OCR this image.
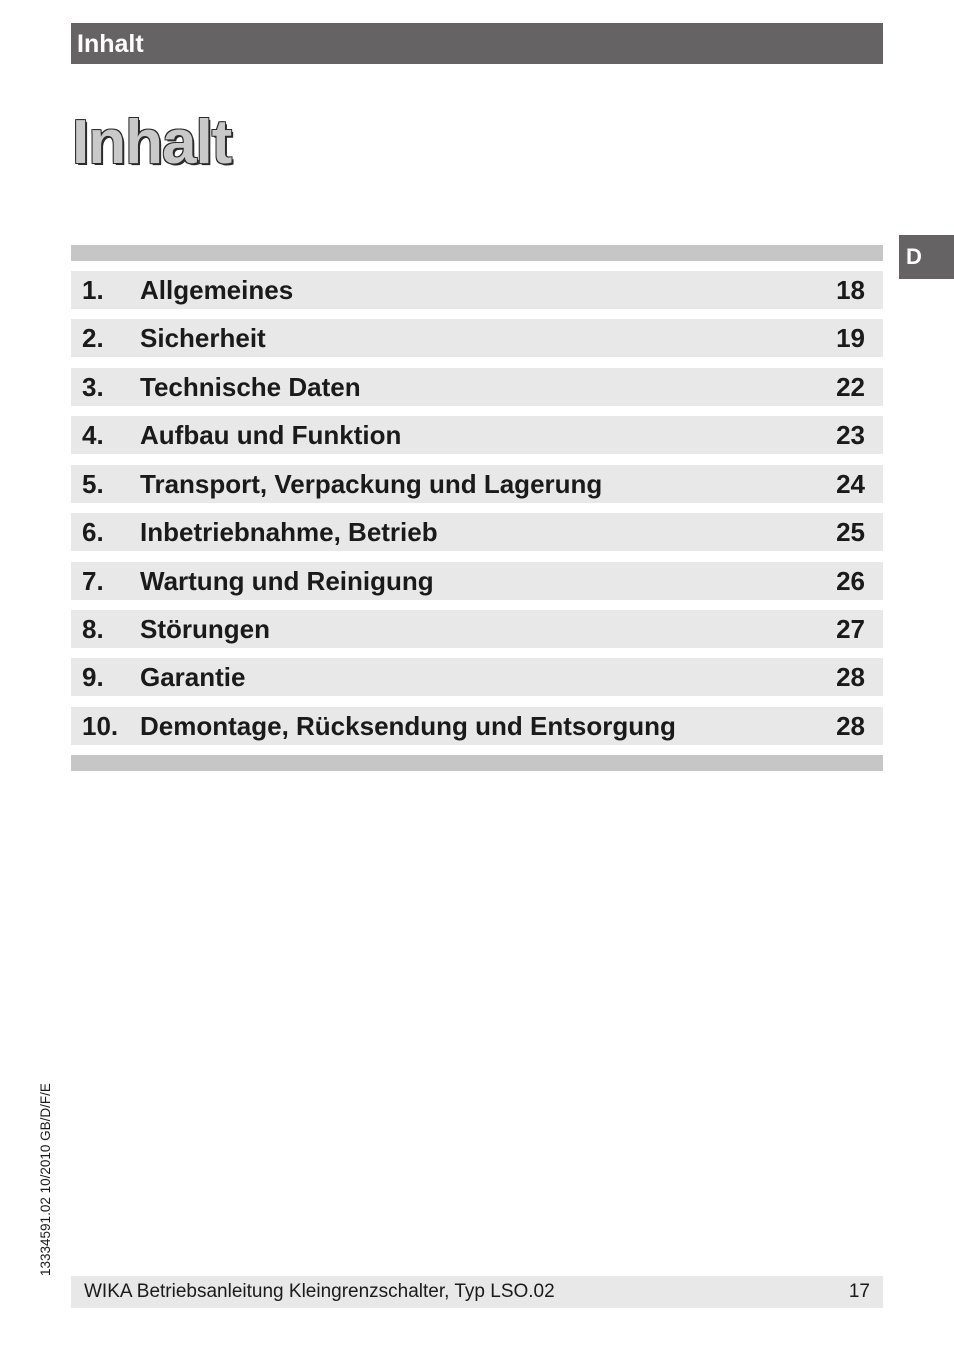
Inhalt
Inhalt
D
1. Allgemeines	18
2. Sicherheit	19
3. Technische Daten	22
4. Aufbau und Funktion	23
5. Transport, Verpackung und Lagerung	24
6. Inbetriebnahme, Betrieb	25
7. Wartung und Reinigung	26
8. Störungen	27
9. Garantie	28
10. Demontage, Rücksendung und Entsorgung	28
13334591.02 10/2010 GB/D/F/E
WIKA Betriebsanleitung Kleingrenzschalter, Typ LSO.02	17
